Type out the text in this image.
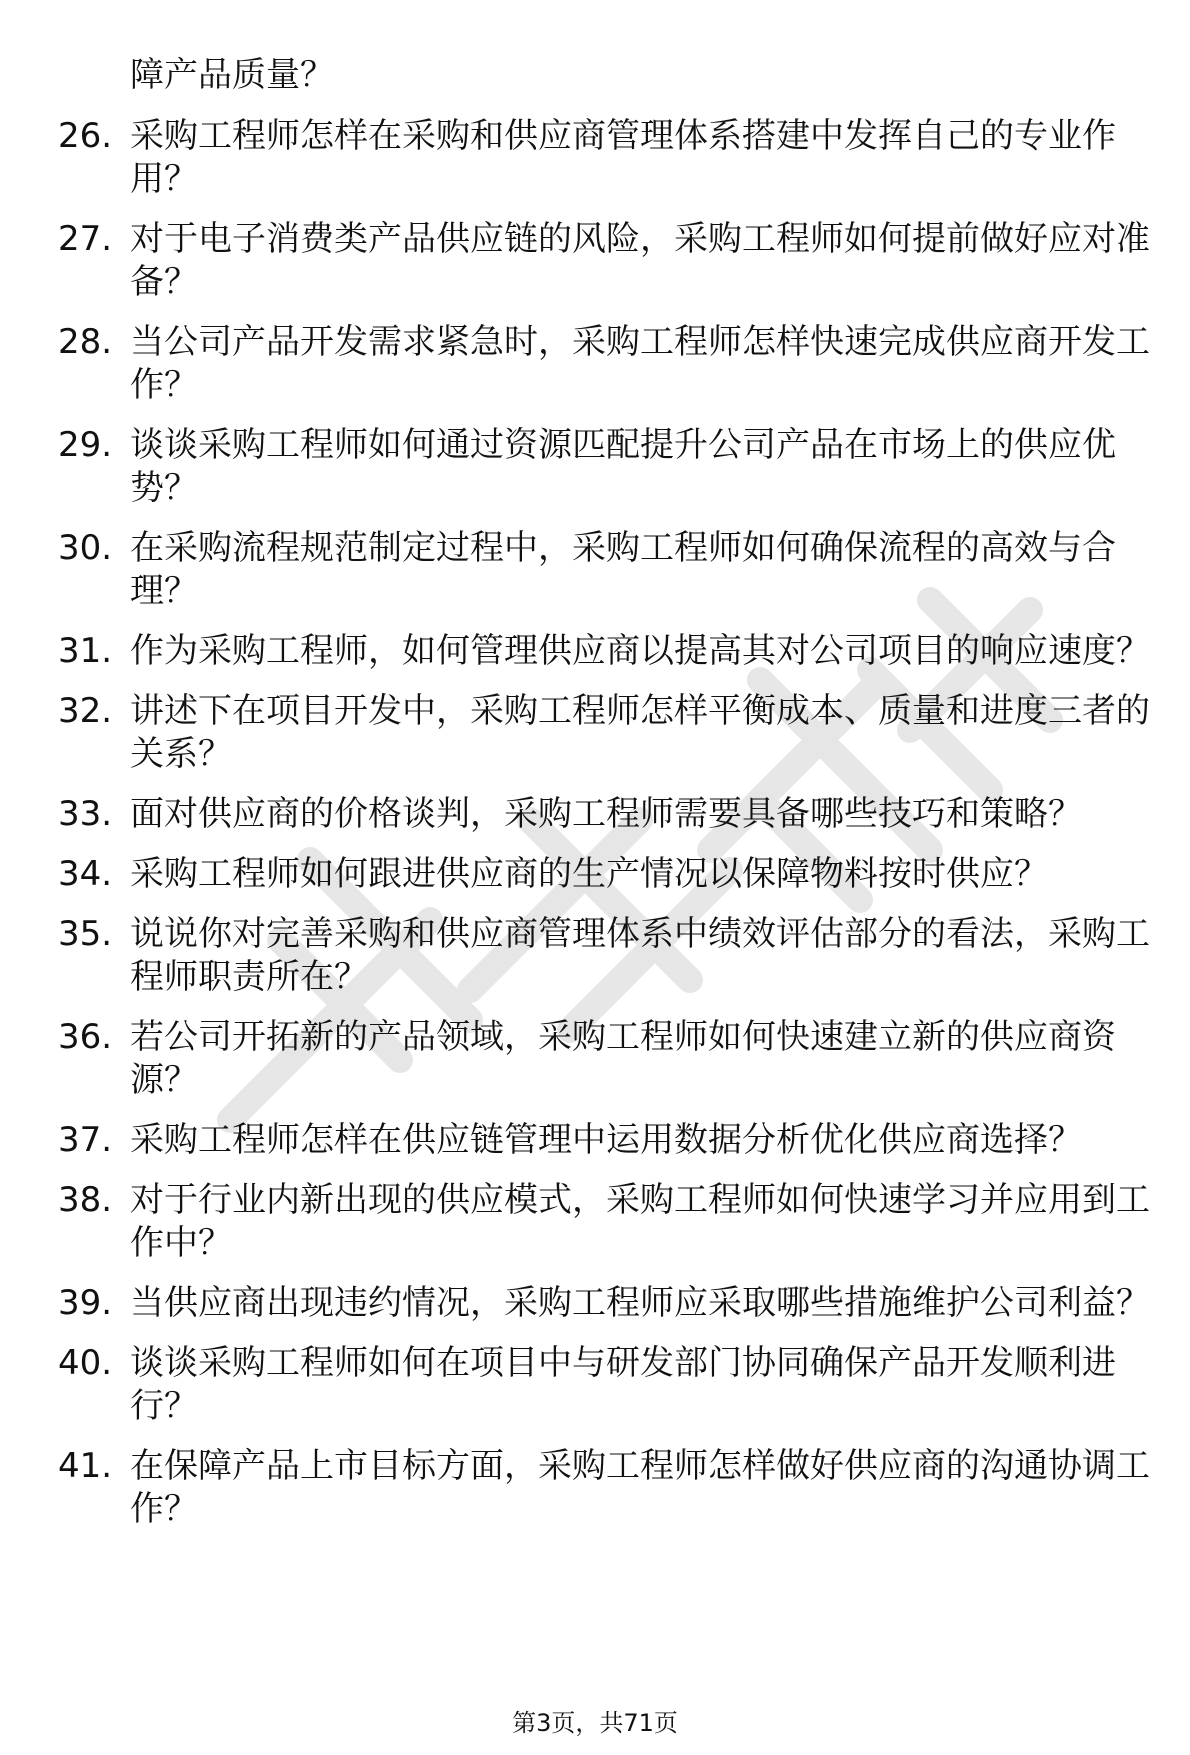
障产品质量？

26. 采购工程师怎样在采购和供应商管理体系搭建中发挥自己的专业作用？
27. 对于电子消费类产品供应链的风险，采购工程师如何提前做好应对准备？
28. 当公司产品开发需求紧急时，采购工程师怎样快速完成供应商开发工作？
29. 谈谈采购工程师如何通过资源匹配提升公司产品在市场上的供应优势？
30. 在采购流程规范制定过程中，采购工程师如何确保流程的高效与合理？
31. 作为采购工程师，如何管理供应商以提高其对公司项目的响应速度？
32. 讲述下在项目开发中，采购工程师怎样平衡成本、质量和进度三者的关系？
33. 面对供应商的价格谈判，采购工程师需要具备哪些技巧和策略？
34. 采购工程师如何跟进供应商的生产情况以保障物料按时供应？
35. 说说你对完善采购和供应商管理体系中绩效评估部分的看法，采购工程师职责所在？
36. 若公司开拓新的产品领域，采购工程师如何快速建立新的供应商资源？
37. 采购工程师怎样在供应链管理中运用数据分析优化供应商选择？
38. 对于行业内新出现的供应模式，采购工程师如何快速学习并应用到工作中？
39. 当供应商出现违约情况，采购工程师应采取哪些措施维护公司利益？
40. 谈谈采购工程师如何在项目中与研发部门协同确保产品开发顺利进行？
41. 在保障产品上市目标方面，采购工程师怎样做好供应商的沟通协调工作？
第3页，共71页
